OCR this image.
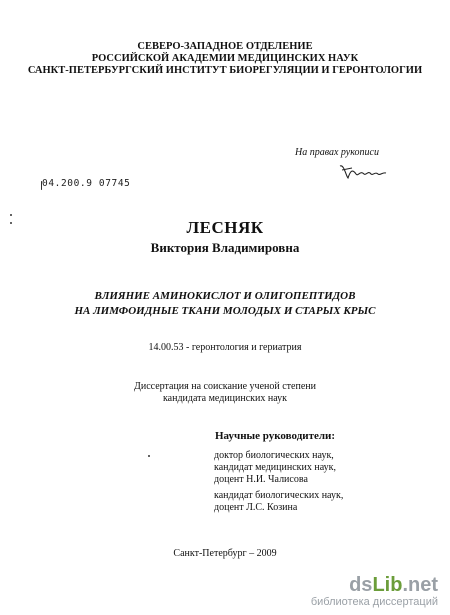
СЕВЕРО-ЗАПАДНОЕ ОТДЕЛЕНИЕ
РОССИЙСКОЙ АКАДЕМИИ МЕДИЦИНСКИХ НАУК
САНКТ-ПЕТЕРБУРГСКИЙ ИНСТИТУТ БИОРЕГУЛЯЦИИ И ГЕРОНТОЛОГИИ
На правах рукописи
04.200.9 07745
ЛЕСНЯК
Виктория Владимировна
ВЛИЯНИЕ АМИНОКИСЛОТ И ОЛИГОПЕПТИДОВ
НА ЛИМФОИДНЫЕ ТКАНИ МОЛОДЫХ И СТАРЫХ КРЫС
14.00.53 - геронтология и гериатрия
Диссертация на соискание ученой степени
кандидата медицинских наук
Научные руководители:
доктор биологических наук,
кандидат медицинских наук,
доцент Н.И. Чалисова
кандидат биологических наук,
доцент Л.С. Козина
Санкт-Петербург – 2009
dsLib.net
библиотека диссертаций
